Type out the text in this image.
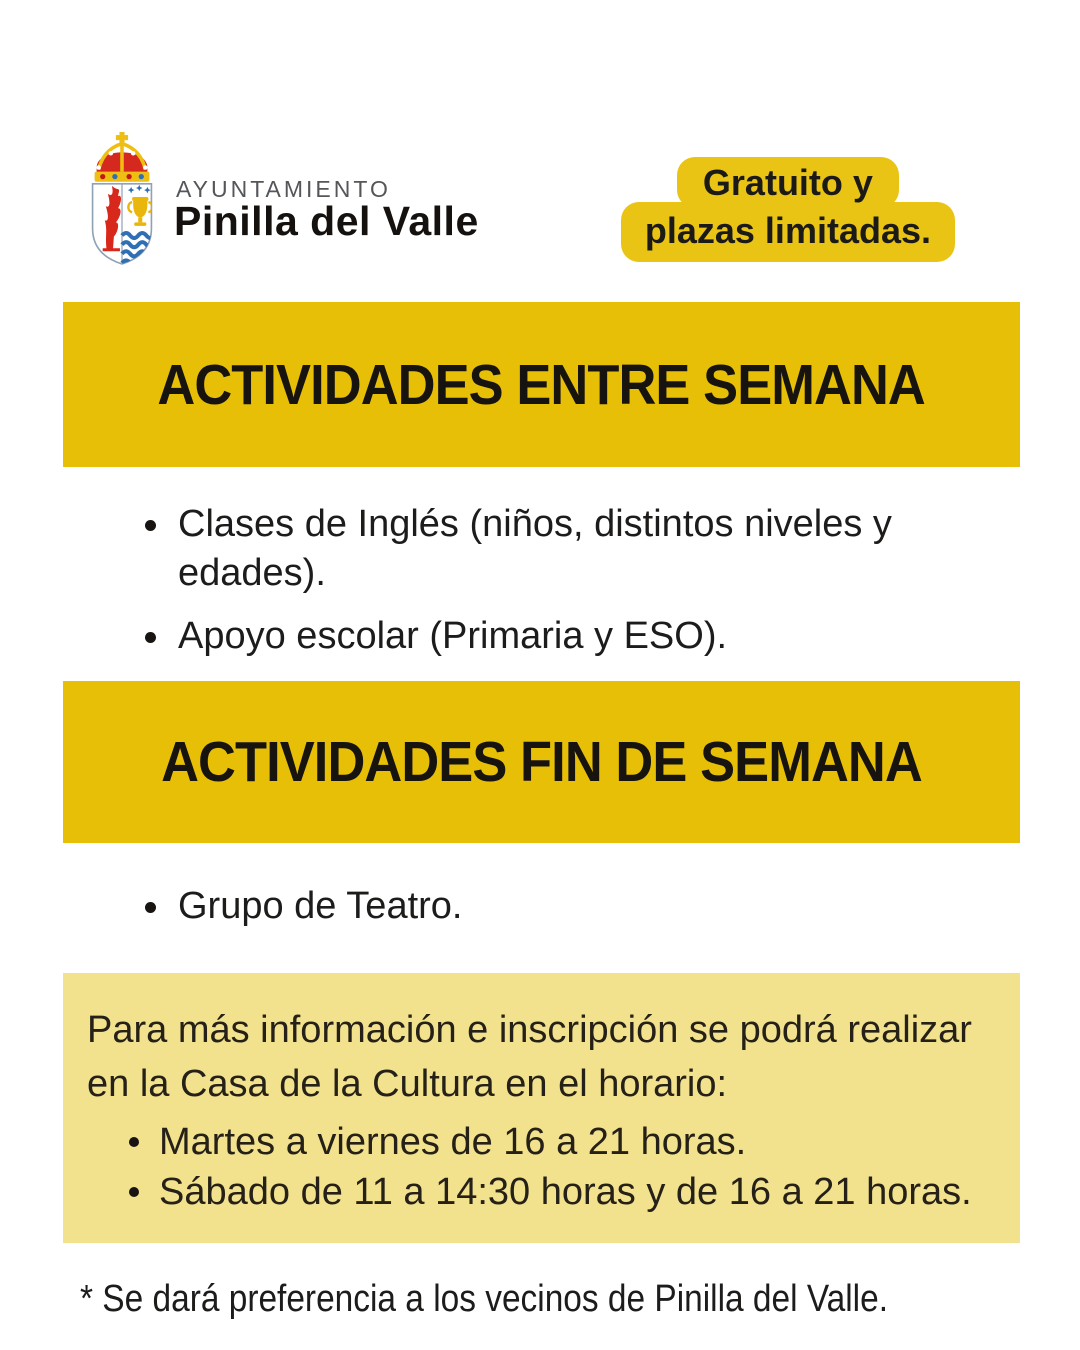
AYUNTAMIENTO
Pinilla del Valle
Gratuito y
plazas limitadas.
ACTIVIDADES ENTRE SEMANA
Clases de Inglés (niños, distintos niveles y edades).
Apoyo escolar (Primaria y ESO).
ACTIVIDADES FIN DE SEMANA
Grupo de Teatro.

Para más información e inscripción se podrá realizar en la Casa de la Cultura en el horario:

Martes a viernes de 16 a 21 horas.
Sábado de 11 a 14:30 horas y de 16 a 21 horas.
* Se dará preferencia a los vecinos de Pinilla del Valle.
